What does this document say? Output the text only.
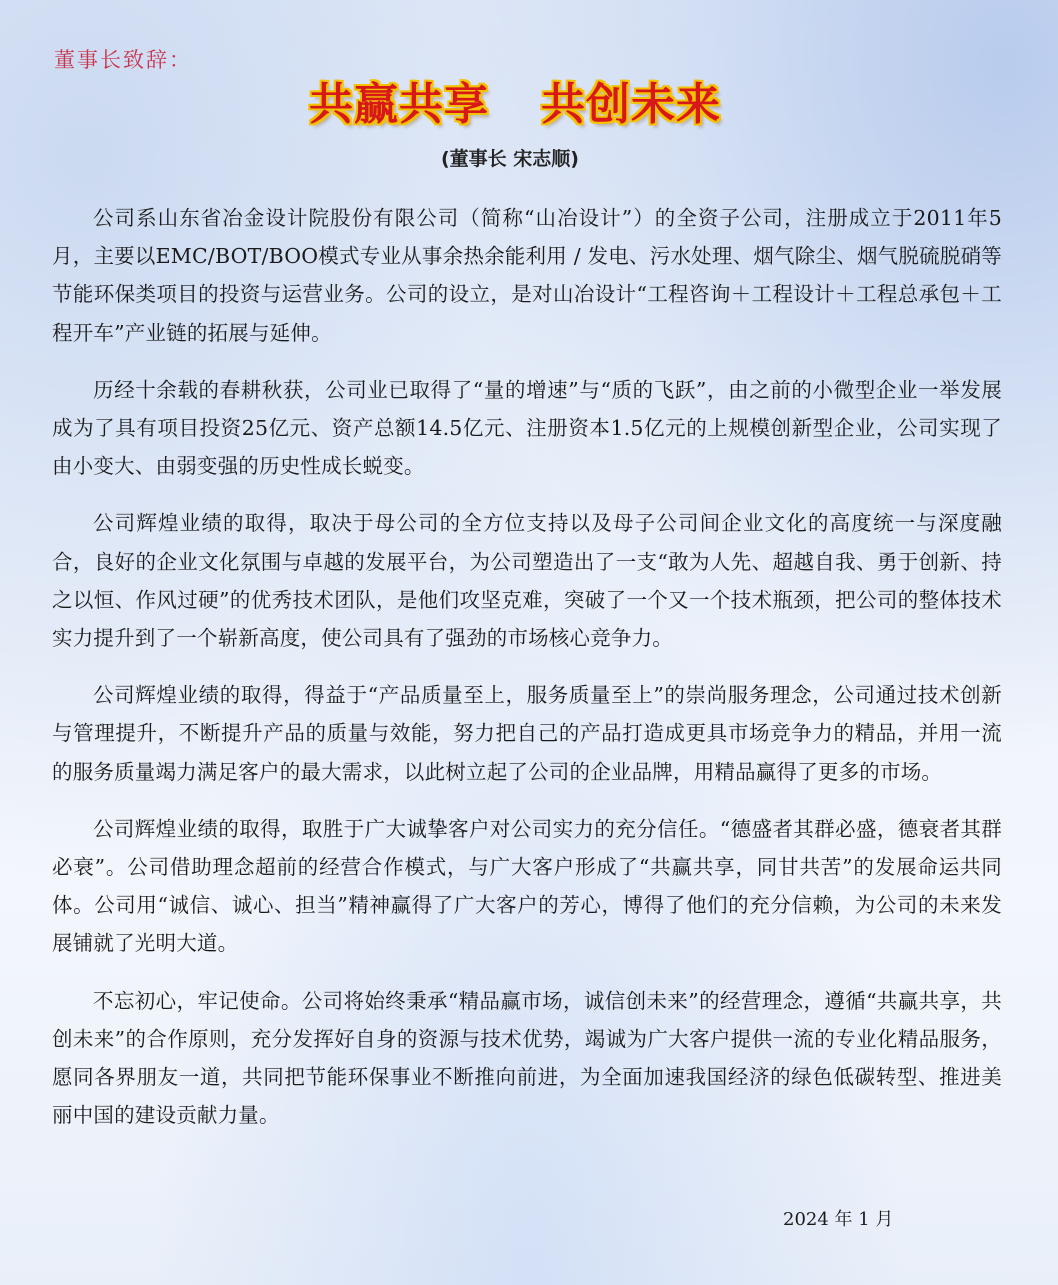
董事长致辞：
共赢共享 共创未来
(董事长 宋志顺)

公司系山东省冶金设计院股份有限公司（简称“山冶设计”）的全资子公司，注册成立于2011年5月，主要以EMC/BOT/BOO模式专业从事余热余能利用 / 发电、污水处理、烟气除尘、烟气脱硫脱硝等节能环保类项目的投资与运营业务。公司的设立，是对山冶设计“工程咨询＋工程设计＋工程总承包＋工程开车”产业链的拓展与延伸。

历经十余载的春耕秋获，公司业已取得了“量的增速”与“质的飞跃”，由之前的小微型企业一举发展成为了具有项目投资25亿元、资产总额14.5亿元、注册资本1.5亿元的上规模创新型企业，公司实现了由小变大、由弱变强的历史性成长蜕变。

公司辉煌业绩的取得，取决于母公司的全方位支持以及母子公司间企业文化的高度统一与深度融合，良好的企业文化氛围与卓越的发展平台，为公司塑造出了一支“敢为人先、超越自我、勇于创新、持之以恒、作风过硬”的优秀技术团队，是他们攻坚克难，突破了一个又一个技术瓶颈，把公司的整体技术实力提升到了一个崭新高度，使公司具有了强劲的市场核心竞争力。

公司辉煌业绩的取得，得益于“产品质量至上，服务质量至上”的崇尚服务理念，公司通过技术创新与管理提升，不断提升产品的质量与效能，努力把自己的产品打造成更具市场竞争力的精品，并用一流的服务质量竭力满足客户的最大需求，以此树立起了公司的企业品牌，用精品赢得了更多的市场。

公司辉煌业绩的取得，取胜于广大诚挚客户对公司实力的充分信任。“德盛者其群必盛，德衰者其群必衰”。公司借助理念超前的经营合作模式，与广大客户形成了“共赢共享，同甘共苦”的发展命运共同体。公司用“诚信、诚心、担当”精神赢得了广大客户的芳心，博得了他们的充分信赖，为公司的未来发展铺就了光明大道。

不忘初心，牢记使命。公司将始终秉承“精品赢市场，诚信创未来”的经营理念，遵循“共赢共享，共创未来”的合作原则，充分发挥好自身的资源与技术优势，竭诚为广大客户提供一流的专业化精品服务，愿同各界朋友一道，共同把节能环保事业不断推向前进，为全面加速我国经济的绿色低碳转型、推进美丽中国的建设贡献力量。

2024 年 1 月
